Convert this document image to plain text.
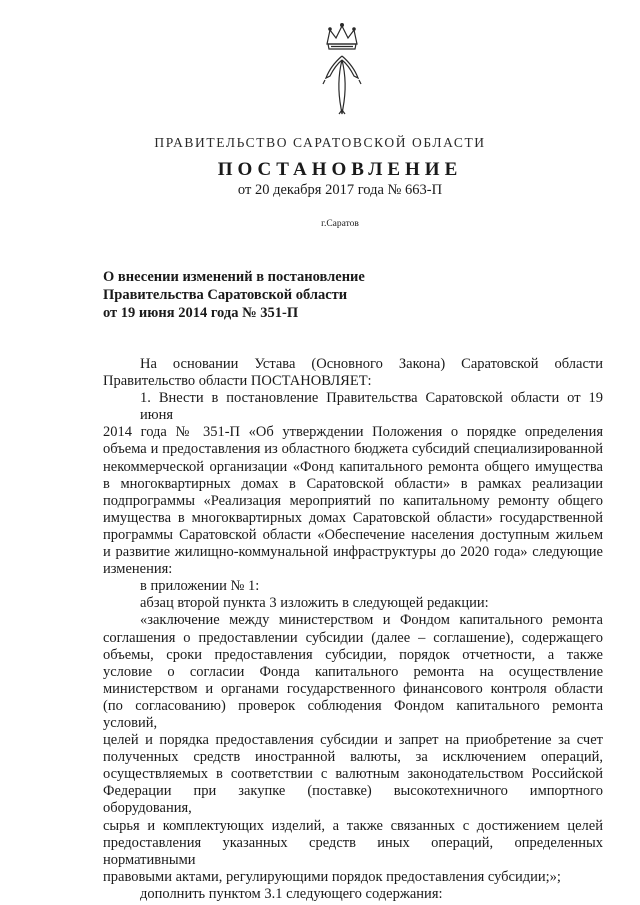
ПРАВИТЕЛЬСТВО САРАТОВСКОЙ ОБЛАСТИ
ПОСТАНОВЛЕНИЕ
от 20 декабря 2017 года № 663-П
г.Саратов
О внесении изменений в постановление
Правительства Саратовской области
от 19 июня 2014 года № 351-П
На основании Устава (Основного Закона) Саратовской области
Правительство области ПОСТАНОВЛЯЕТ:
1. Внести в постановление Правительства Саратовской области от 19 июня
2014 года № 351-П «Об утверждении Положения о порядке определения
объема и предоставления из областного бюджета субсидий специализированной
некоммерческой организации «Фонд капитального ремонта общего имущества
в многоквартирных домах в Саратовской области» в рамках реализации
подпрограммы «Реализация мероприятий по капитальному ремонту общего
имущества в многоквартирных домах Саратовской области» государственной
программы Саратовской области «Обеспечение населения доступным жильем
и развитие жилищно-коммунальной инфраструктуры до 2020 года» следующие
изменения:
в приложении № 1:
абзац второй пункта 3 изложить в следующей редакции:
«заключение между министерством и Фондом капитального ремонта
соглашения о предоставлении субсидии (далее – соглашение), содержащего
объемы, сроки предоставления субсидии, порядок отчетности, а также
условие о согласии Фонда капитального ремонта на осуществление
министерством и органами государственного финансового контроля области
(по согласованию) проверок соблюдения Фондом капитального ремонта условий,
целей и порядка предоставления субсидии и запрет на приобретение за счет
полученных средств иностранной валюты, за исключением операций,
осуществляемых в соответствии с валютным законодательством Российской
Федерации при закупке (поставке) высокотехничного импортного оборудования,
сырья и комплектующих изделий, а также связанных с достижением целей
предоставления указанных средств иных операций, определенных нормативными
правовыми актами, регулирующими порядок предоставления субсидии;»;
дополнить пунктом 3.1 следующего содержания:
